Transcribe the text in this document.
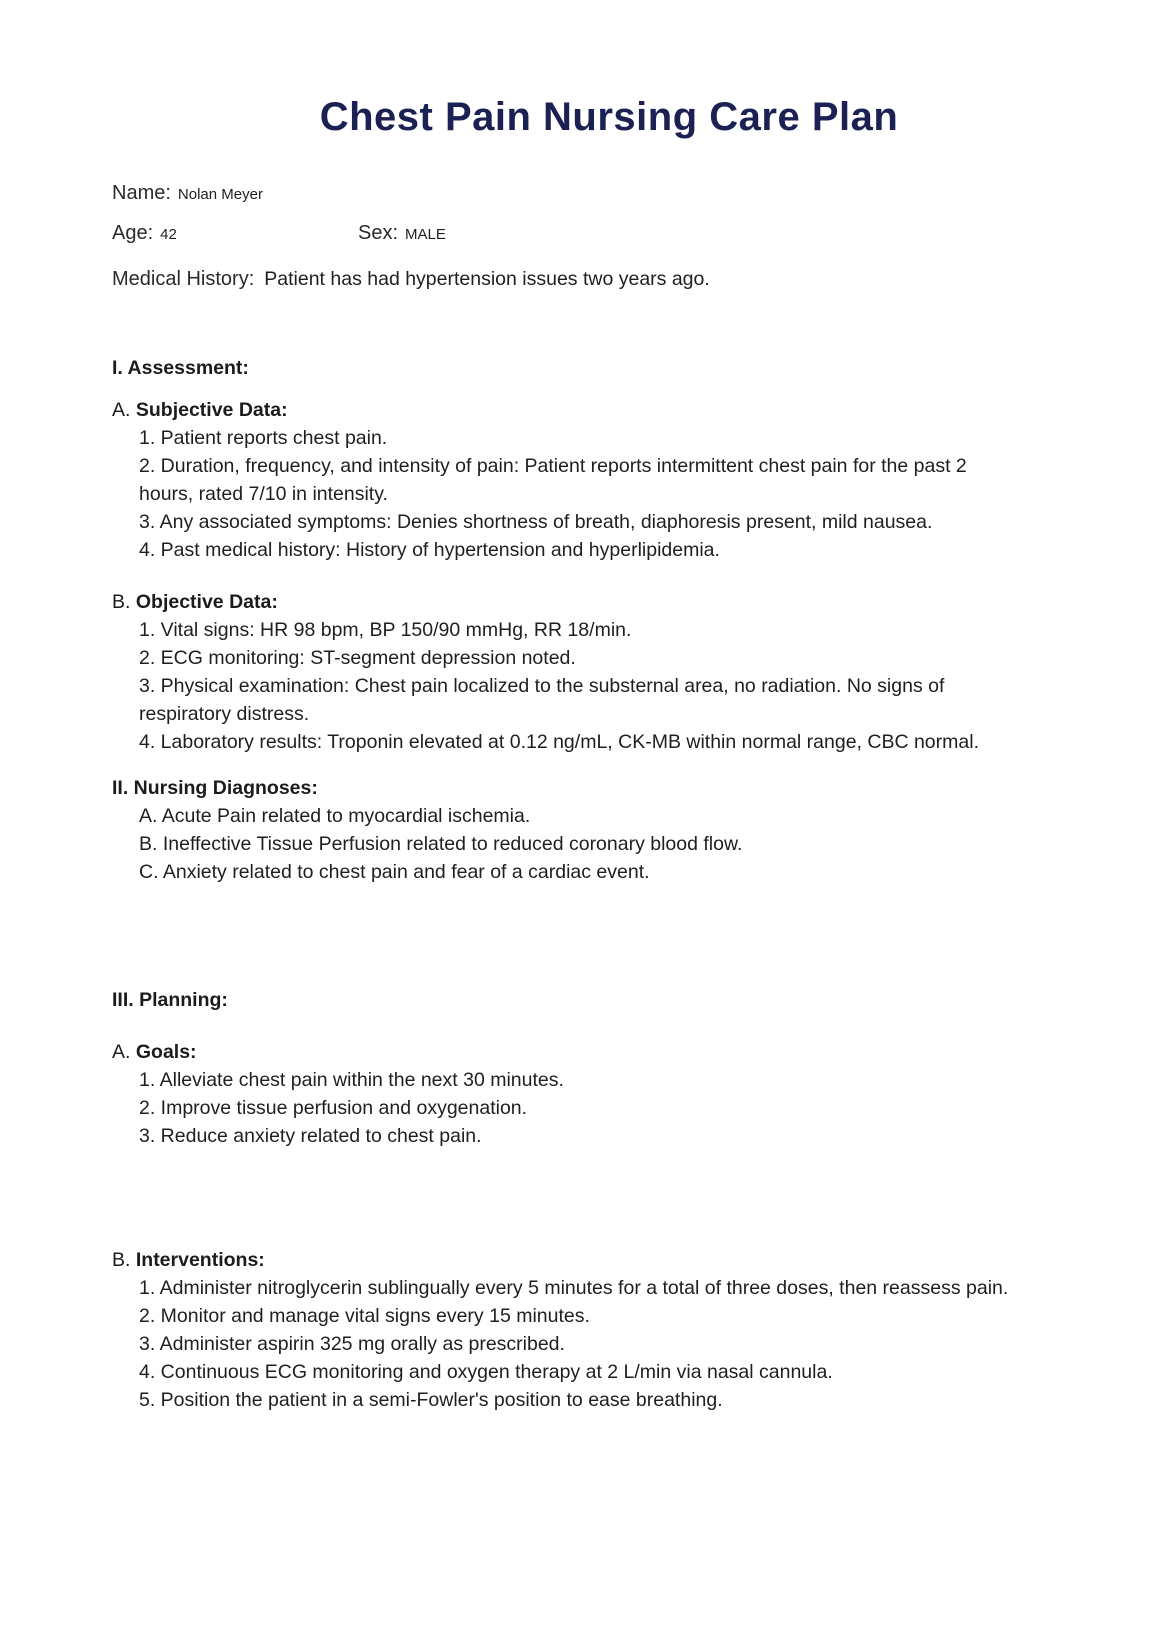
Chest Pain Nursing Care Plan
Name: Nolan Meyer
Age: 42	Sex: MALE
Medical History: Patient has had hypertension issues two years ago.
I. Assessment:
A. Subjective Data:

1. Patient reports chest pain.

2. Duration, frequency, and intensity of pain: Patient reports intermittent chest pain for the past 2 hours, rated 7/10 in intensity.

3. Any associated symptoms: Denies shortness of breath, diaphoresis present, mild nausea.

4. Past medical history: History of hypertension and hyperlipidemia.

B. Objective Data:

1. Vital signs: HR 98 bpm, BP 150/90 mmHg, RR 18/min.

2. ECG monitoring: ST-segment depression noted.

3. Physical examination: Chest pain localized to the substernal area, no radiation. No signs of respiratory distress.

4. Laboratory results: Troponin elevated at 0.12 ng/mL, CK-MB within normal range, CBC normal.

II. Nursing Diagnoses:

A. Acute Pain related to myocardial ischemia.

B. Ineffective Tissue Perfusion related to reduced coronary blood flow.

C. Anxiety related to chest pain and fear of a cardiac event.

III. Planning:
A. Goals:

1. Alleviate chest pain within the next 30 minutes.

2. Improve tissue perfusion and oxygenation.

3. Reduce anxiety related to chest pain.

B. Interventions:

1. Administer nitroglycerin sublingually every 5 minutes for a total of three doses, then reassess pain.

2. Monitor and manage vital signs every 15 minutes.

3. Administer aspirin 325 mg orally as prescribed.

4. Continuous ECG monitoring and oxygen therapy at 2 L/min via nasal cannula.

5. Position the patient in a semi-Fowler's position to ease breathing.
